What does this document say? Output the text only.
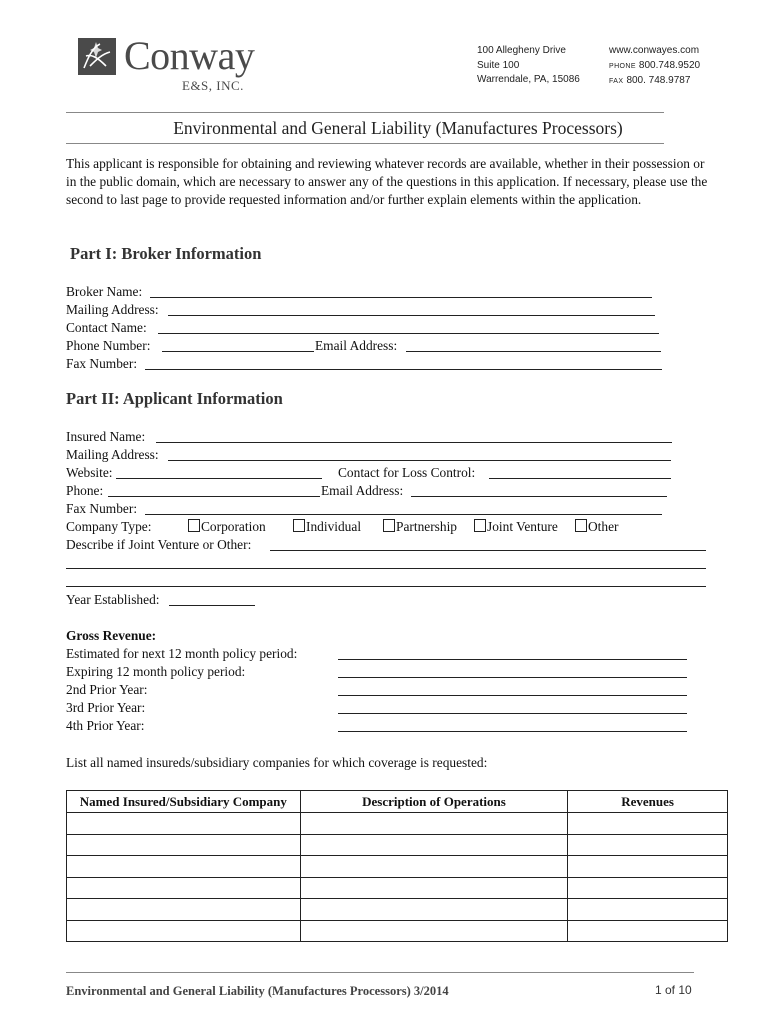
Conway
E&S, INC.
100 Allegheny Drive
Suite 100
Warrendale, PA, 15086
www.conwayes.com
PHONE 800.748.9520
FAX 800. 748.9787
Environmental and General Liability (Manufactures Processors)
This applicant is responsible for obtaining and reviewing whatever records are available, whether in their possession or in the public domain, which are necessary to answer any of the questions in this application. If necessary, please use the second to last page to provide requested information and/or further explain elements within the application.
Part I: Broker Information
Broker Name:
Mailing Address:
Contact Name:
Phone Number:	Email Address:
Fax Number:
Part II: Applicant Information
Insured Name:
Mailing Address:
Website:	Contact for Loss Control:
Phone:	Email Address:
Fax Number:
Company Type:	Corporation	Individual	Partnership	Joint Venture	Other
Describe if Joint Venture or Other:
Year Established:
Gross Revenue:
Estimated for next 12 month policy period:
Expiring 12 month policy period:
2nd Prior Year:
3rd Prior Year:
4th Prior Year:
List all named insureds/subsidiary companies for which coverage is requested:
Named Insured/Subsidiary Company	Description of Operations	Revenues

Environmental and General Liability (Manufactures Processors) 3/2014	1 of 10
